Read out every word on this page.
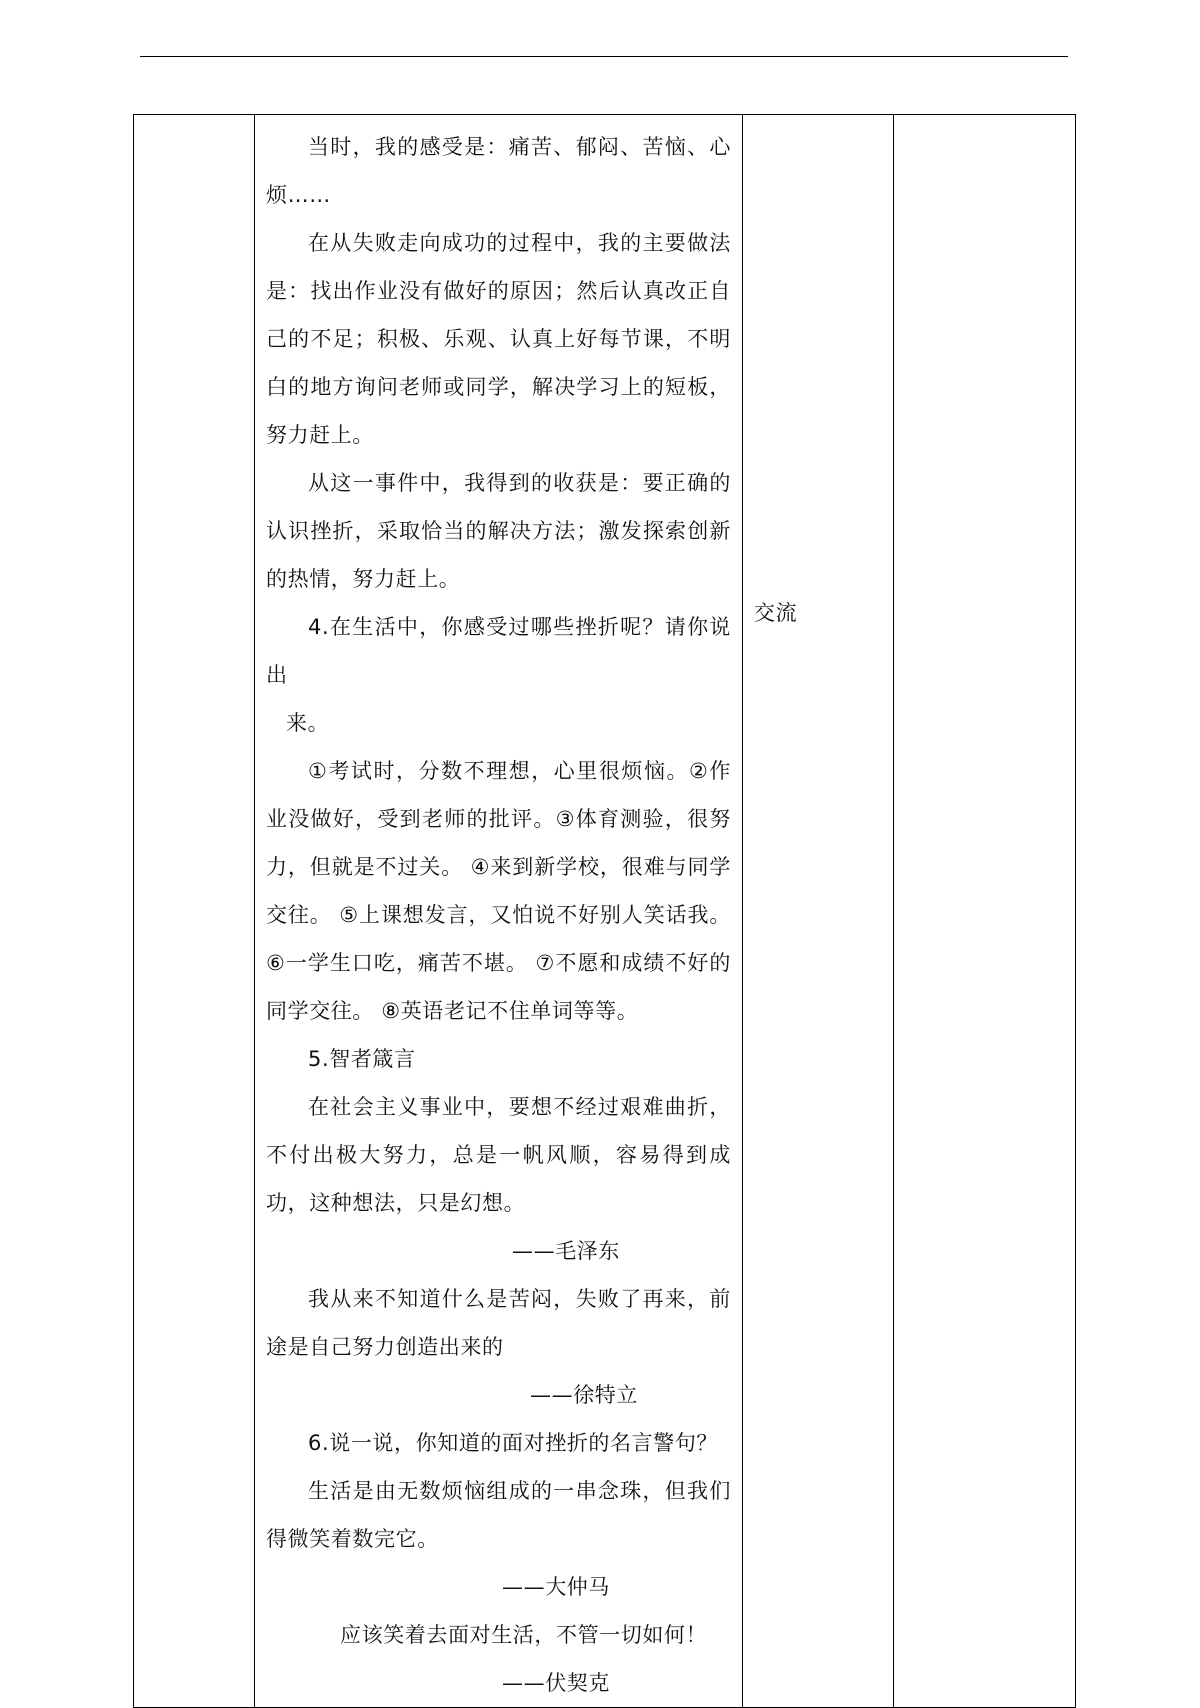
当时，我的感受是：痛苦、郁闷、苦恼、心烦……

在从失败走向成功的过程中，我的主要做法是：找出作业没有做好的原因；然后认真改正自己的不足；积极、乐观、认真上好每节课，不明白的地方询问老师或同学，解决学习上的短板，努力赶上。

从这一事件中，我得到的收获是：要正确的认识挫折，采取恰当的解决方法；激发探索创新的热情，努力赶上。

4.在生活中，你感受过哪些挫折呢？请你说出

来。

①考试时，分数不理想，心里很烦恼。②作业没做好，受到老师的批评。③体育测验，很努力，但就是不过关。 ④来到新学校，很难与同学交往。 ⑤上课想发言，又怕说不好别人笑话我。⑥一学生口吃，痛苦不堪。 ⑦不愿和成绩不好的同学交往。 ⑧英语老记不住单词等等。

5.智者箴言

在社会主义事业中，要想不经过艰难曲折，不付出极大努力，总是一帆风顺，容易得到成功，这种想法，只是幻想。

——毛泽东

我从来不知道什么是苦闷，失败了再来，前途是自己努力创造出来的

——徐特立

6.说一说，你知道的面对挫折的名言警句？

生活是由无数烦恼组成的一串念珠，但我们得微笑着数完它。

——大仲马

应该笑着去面对生活，不管一切如何！

——伏契克

交流
